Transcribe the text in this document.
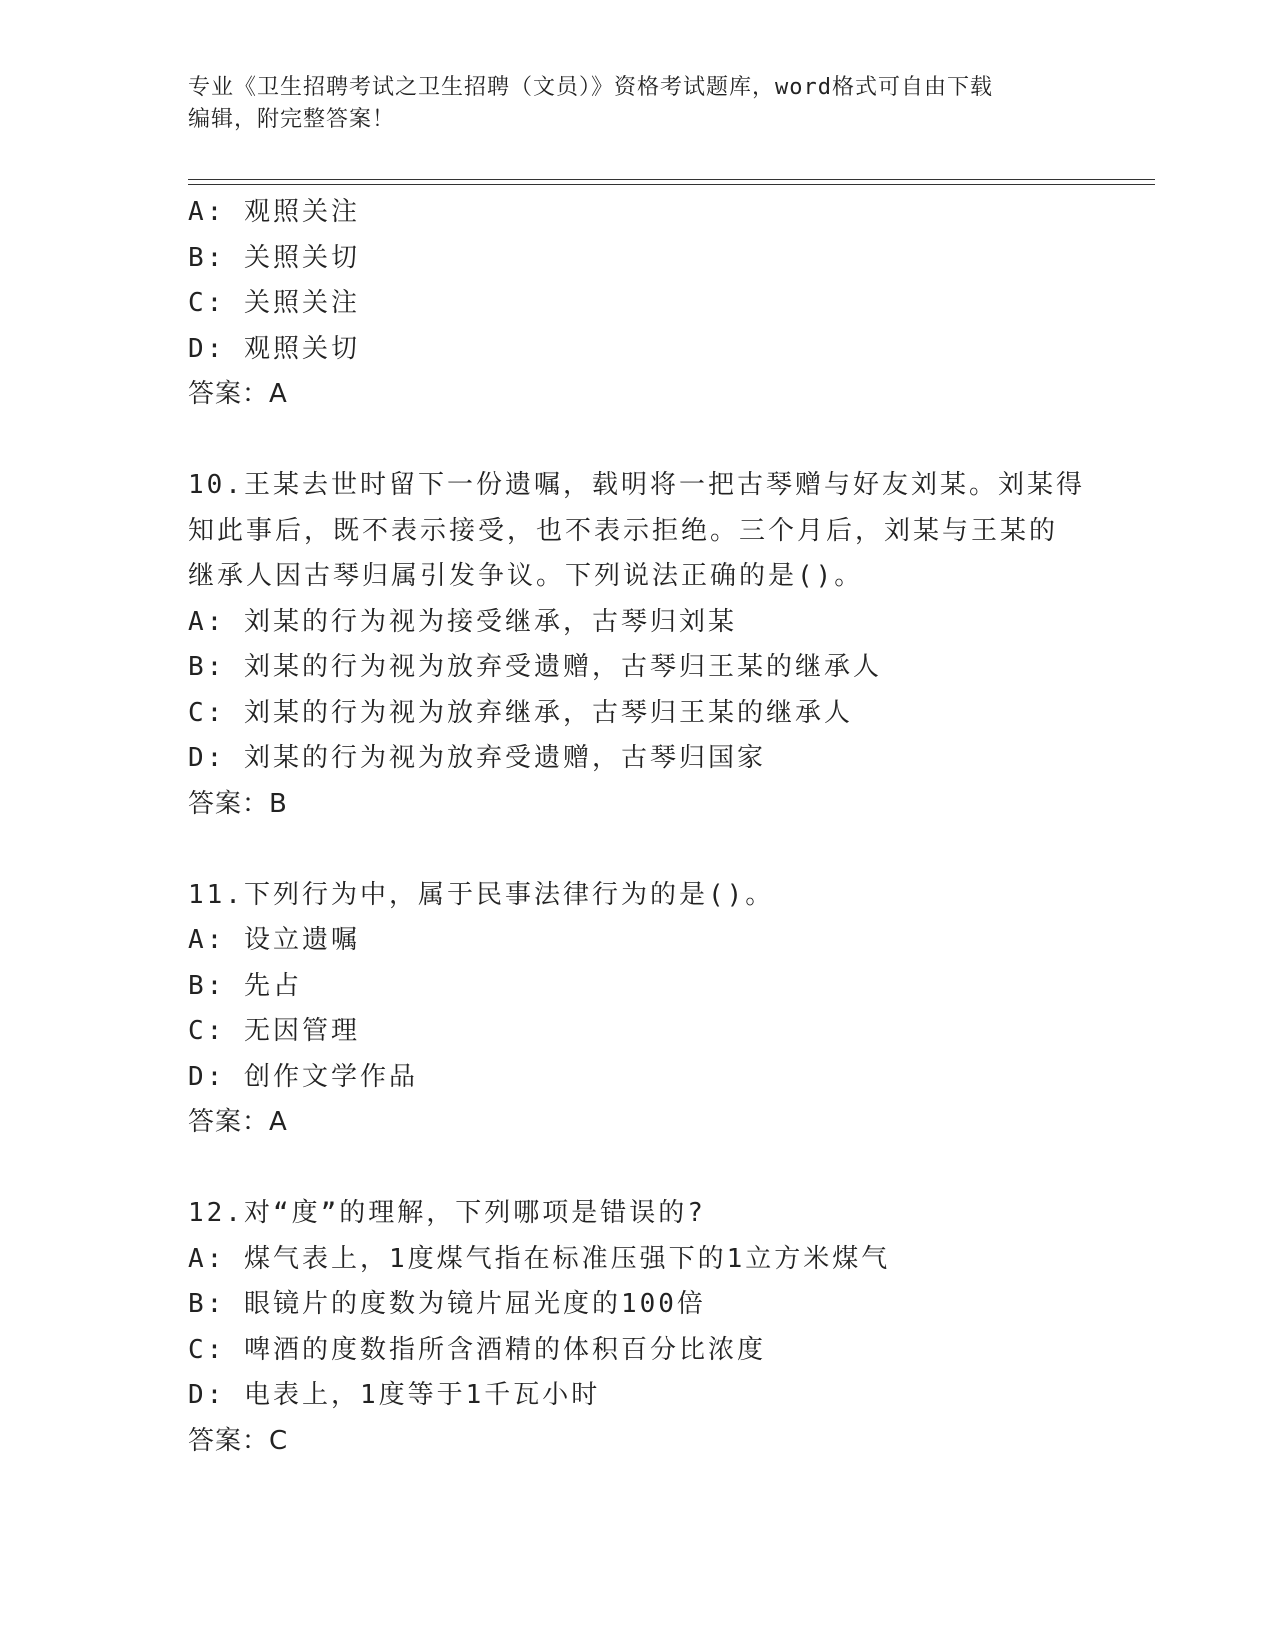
专业《卫生招聘考试之卫生招聘（文员）》资格考试题库，word格式可自由下载
编辑，附完整答案！
A: 观照关注
B: 关照关切
C: 关照关注
D: 观照关切
答案：A
10.王某去世时留下一份遗嘱，载明将一把古琴赠与好友刘某。刘某得
知此事后，既不表示接受，也不表示拒绝。三个月后，刘某与王某的
继承人因古琴归属引发争议。下列说法正确的是()。
A: 刘某的行为视为接受继承，古琴归刘某
B: 刘某的行为视为放弃受遗赠，古琴归王某的继承人
C: 刘某的行为视为放弃继承，古琴归王某的继承人
D: 刘某的行为视为放弃受遗赠，古琴归国家
答案：B
11.下列行为中，属于民事法律行为的是()。
A: 设立遗嘱
B: 先占
C: 无因管理
D: 创作文学作品
答案：A
12.对“度”的理解，下列哪项是错误的?
A: 煤气表上，1度煤气指在标准压强下的1立方米煤气
B: 眼镜片的度数为镜片屈光度的100倍
C: 啤酒的度数指所含酒精的体积百分比浓度
D: 电表上，1度等于1千瓦小时
答案：C
